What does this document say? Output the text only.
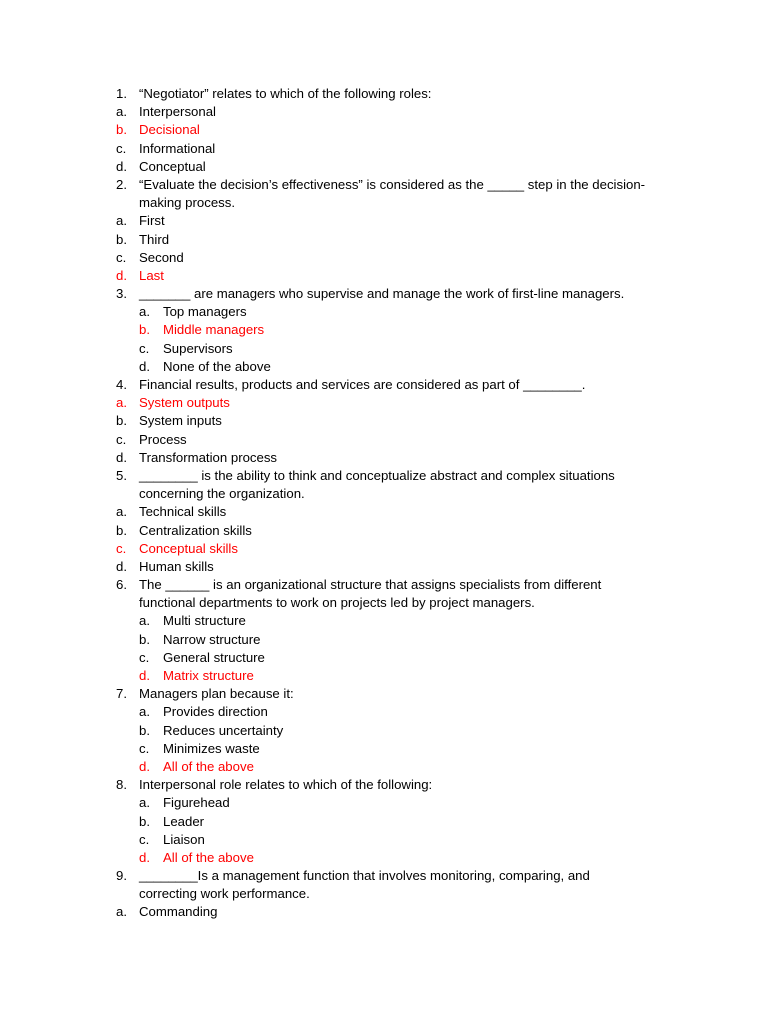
1. “Negotiator” relates to which of the following roles:
a. Interpersonal
b. Decisional
c. Informational
d. Conceptual
2. “Evaluate the decision’s effectiveness” is considered as the _____ step in the decision-
making process.
a. First
b. Third
c. Second
d. Last
3. _______ are managers who supervise and manage the work of first-line managers.
a. Top managers
b. Middle managers
c. Supervisors
d. None of the above
4. Financial results, products and services are considered as part of ________.
a. System outputs
b. System inputs
c. Process
d. Transformation process
5. ________ is the ability to think and conceptualize abstract and complex situations
concerning the organization.
a. Technical skills
b. Centralization skills
c. Conceptual skills
d. Human skills
6. The ______ is an organizational structure that assigns specialists from different
functional departments to work on projects led by project managers.
a. Multi structure
b. Narrow structure
c. General structure
d. Matrix structure
7. Managers plan because it:
a. Provides direction
b. Reduces uncertainty
c. Minimizes waste
d. All of the above
8. Interpersonal role relates to which of the following:
a. Figurehead
b. Leader
c. Liaison
d. All of the above
9. ________Is a management function that involves monitoring, comparing, and
correcting work performance.
a. Commanding
